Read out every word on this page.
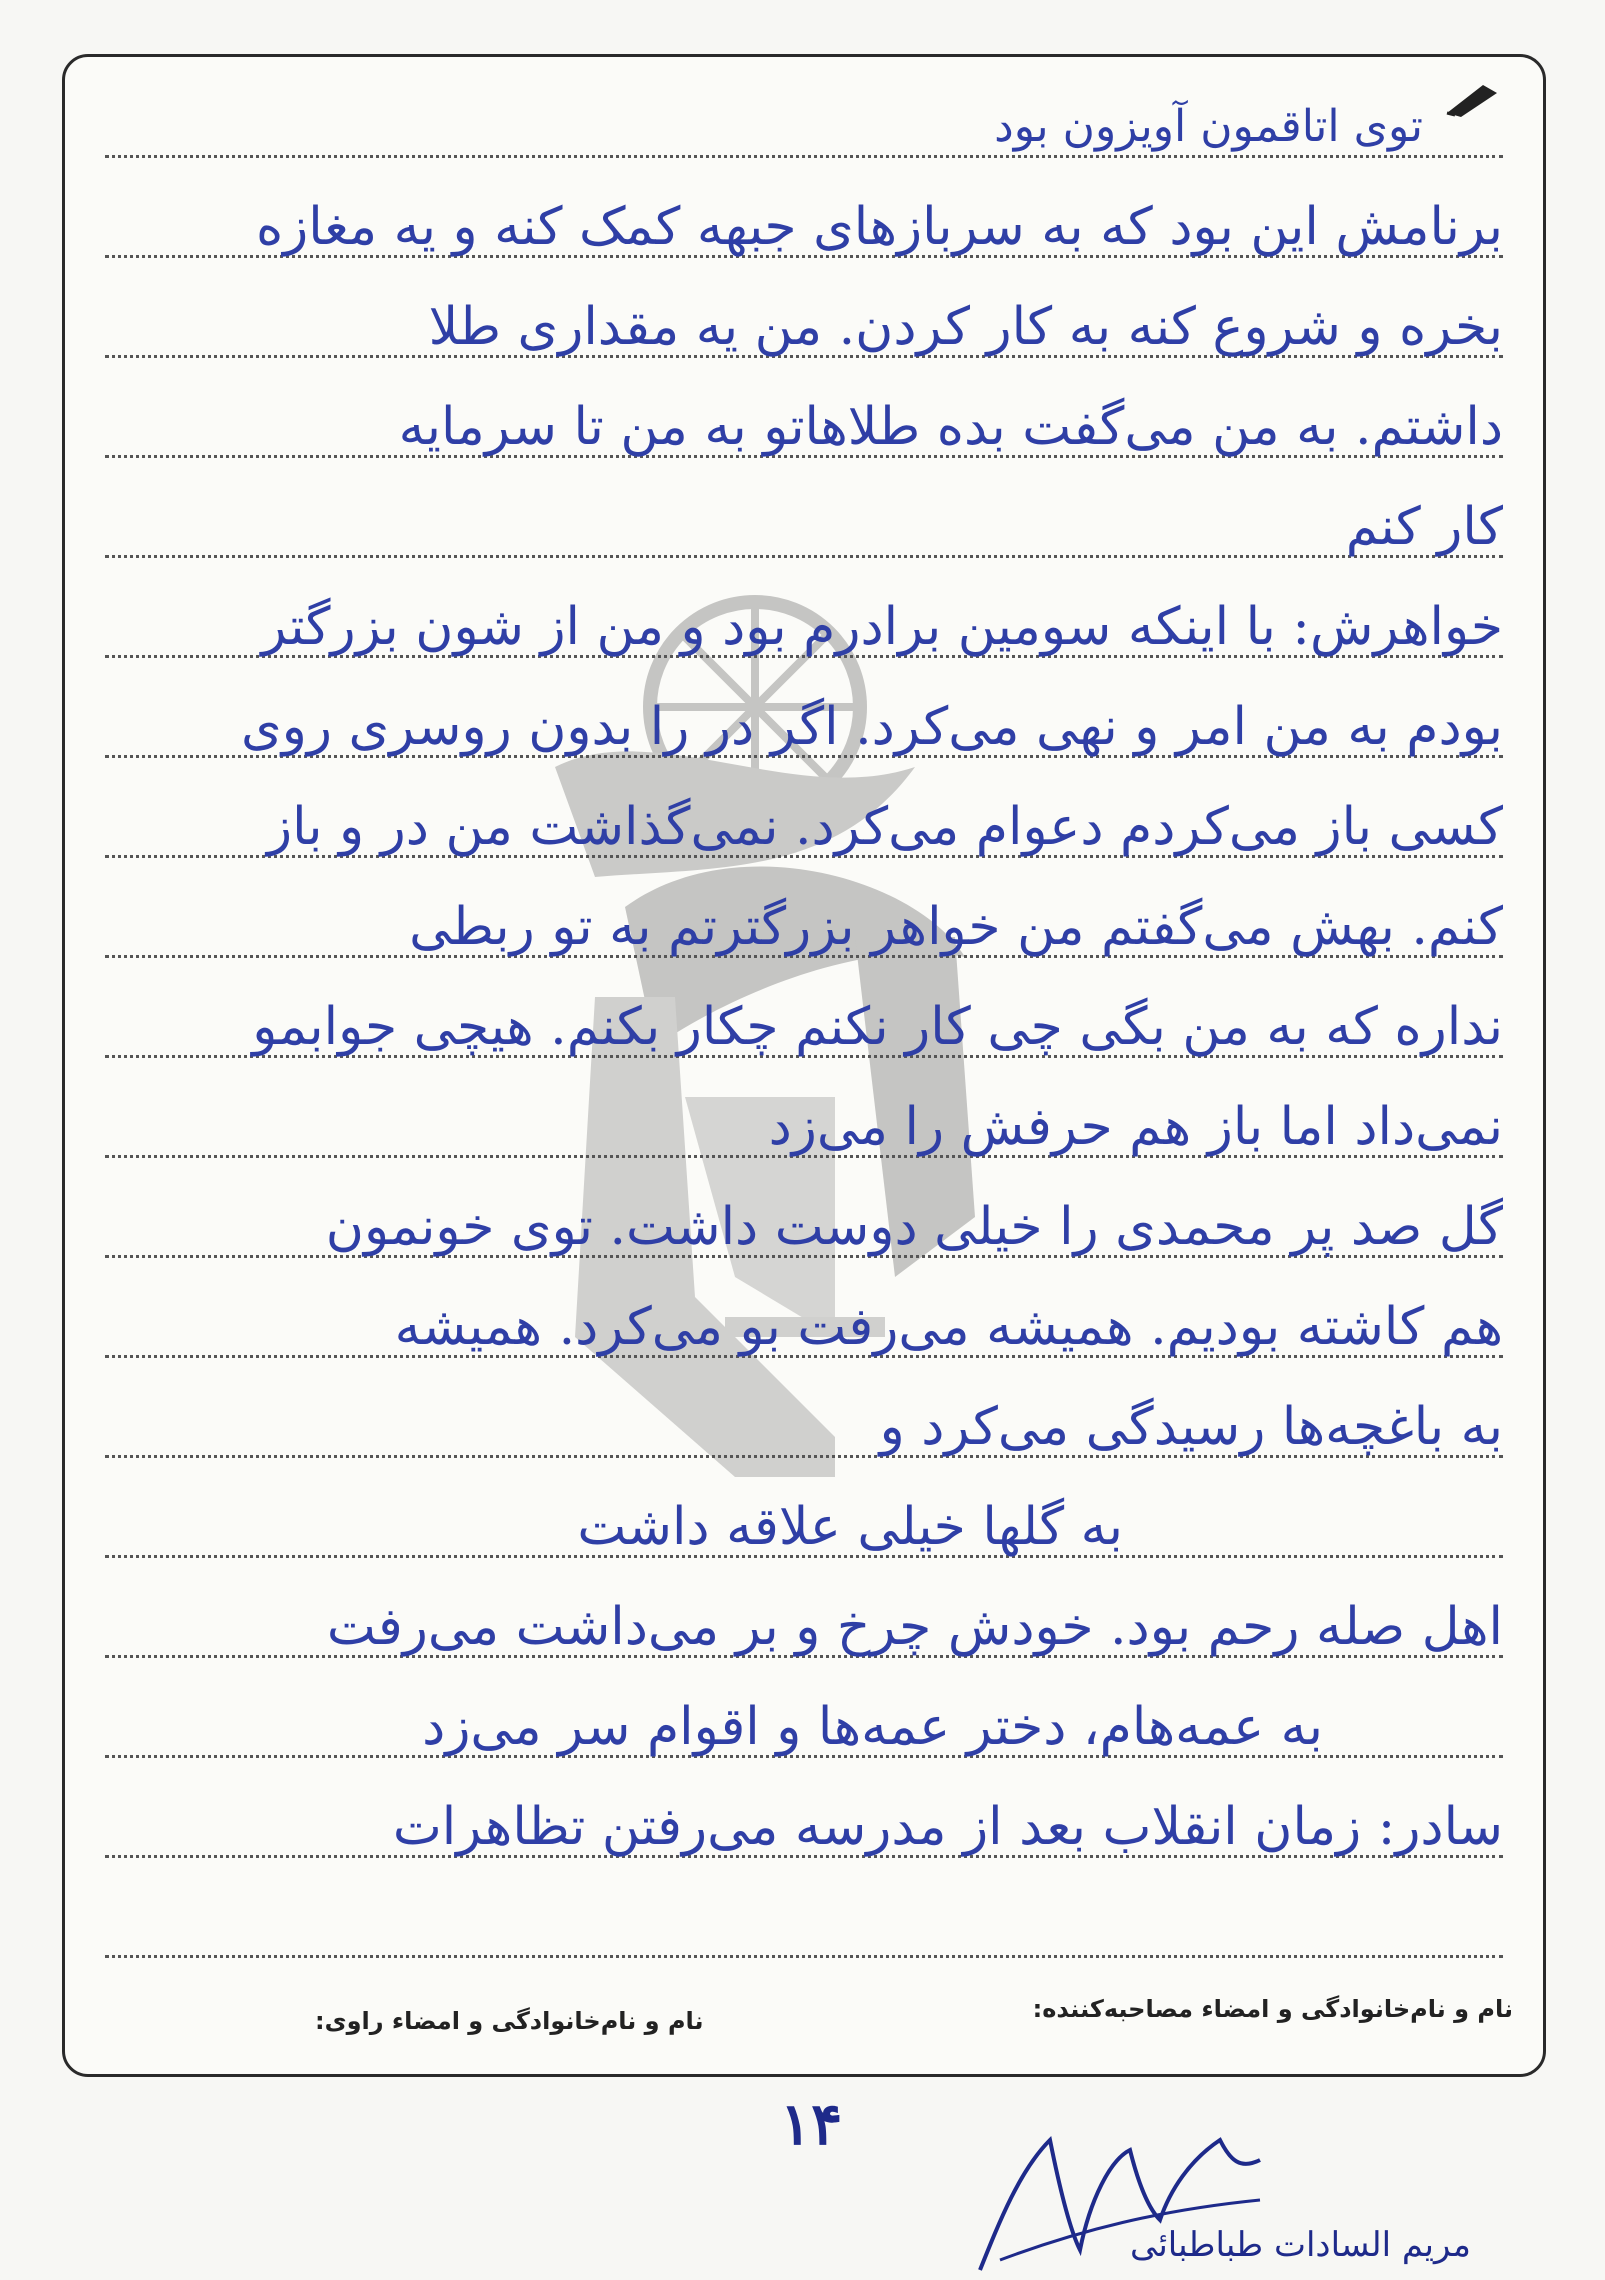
توی اتاقمون آویزون بود
برنامش این بود که به سربازهای جبهه کمک کنه و یه مغازه
بخره و شروع کنه به کار کردن. من یه مقداری طلا
داشتم. به من می‌گفت بده طلاهاتو به من تا سرمایه
کار کنم
خواهرش: با اینکه سومین برادرم بود و من از شون بزرگتر
بودم به من امر و نهی می‌کرد. اگر در را بدون روسری روی
کسی باز می‌کردم دعوام می‌کرد. نمی‌گذاشت من در و باز
کنم. بهش می‌گفتم من خواهر بزرگترتم به تو ربطی
نداره که به من بگی چی کار نکنم چکار بکنم. هیچی جوابمو
نمی‌داد اما باز هم حرفش را می‌زد
گل صد پر محمدی را خیلی دوست داشت. توی خونمون
هم کاشته بودیم. همیشه می‌رفت بو می‌کرد. همیشه
به باغچه‌ها رسیدگی می‌کرد و
به گلها خیلی علاقه داشت
اهل صله رحم بود. خودش چرخ و بر می‌داشت می‌رفت
به عمه‌هام، دختر عمه‌ها و اقوام سر می‌زد
سادر: زمان انقلاب بعد از مدرسه می‌رفتن تظاهرات
نام و نام‌خانوادگی و امضاء مصاحبه‌کننده:
نام و نام‌خانوادگی و امضاء راوی:
۱۴
مریم السادات طباطبائی
